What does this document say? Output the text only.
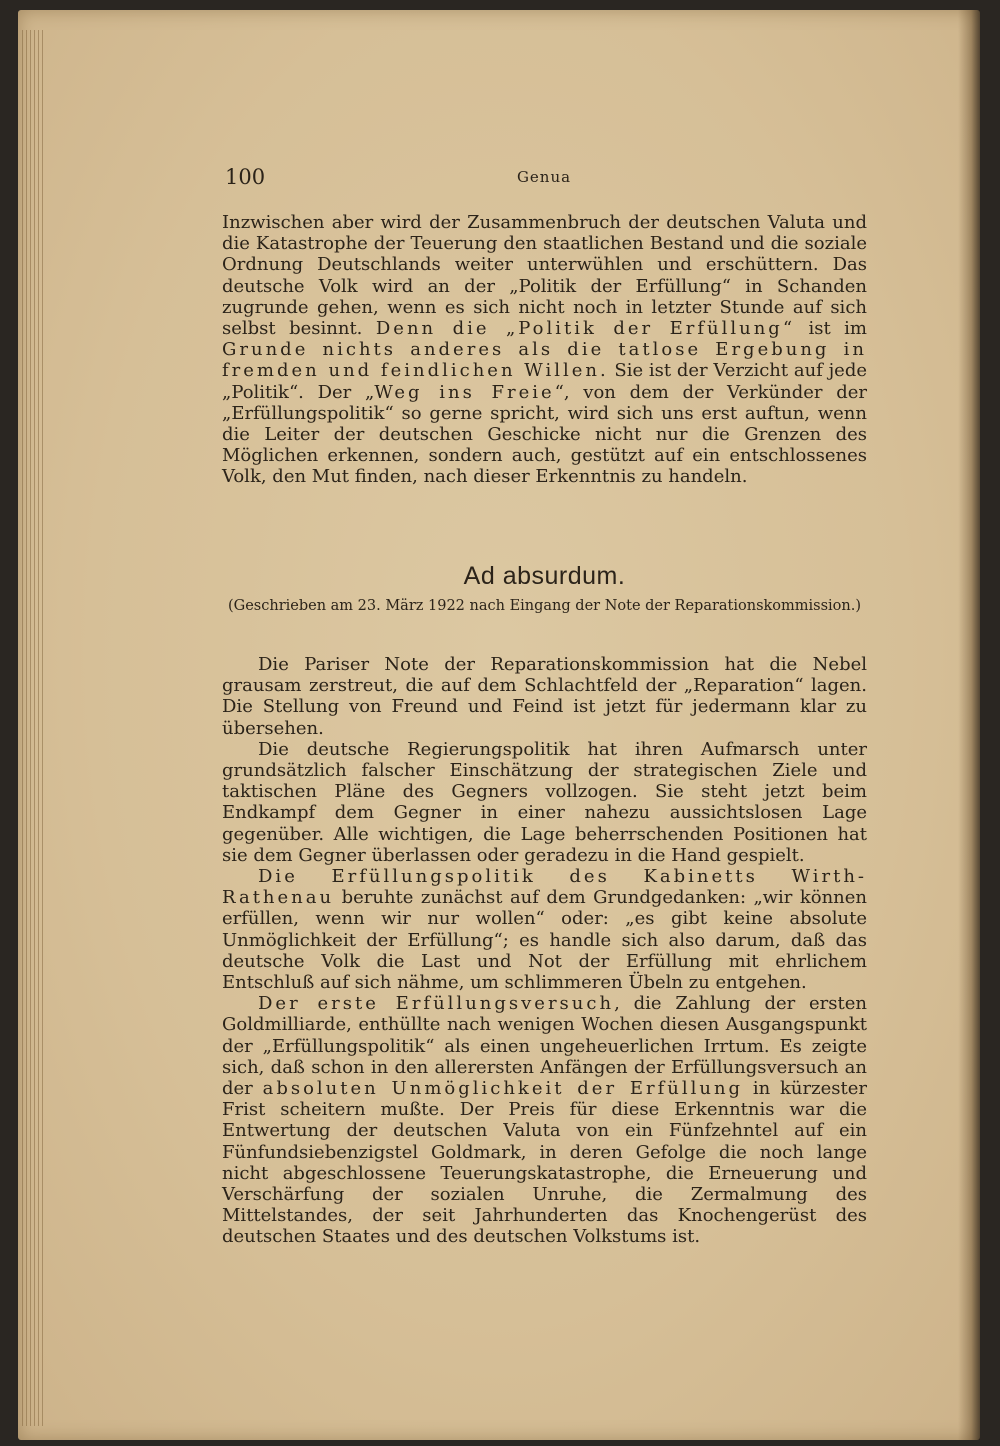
100	Genua

Inzwischen aber wird der Zusammenbruch der deutschen Valuta und die Katastrophe der Teuerung den staatlichen Bestand und die soziale Ordnung Deutschlands weiter unterwühlen und erschüttern. Das deutsche Volk wird an der „Politik der Erfüllung“ in Schanden zugrunde gehen, wenn es sich nicht noch in letzter Stunde auf sich selbst besinnt. Denn die „Politik der Erfüllung“ ist im Grunde nichts anderes als die tatlose Ergebung in fremden und feindlichen Willen. Sie ist der Verzicht auf jede „Politik“. Der „Weg ins Freie“, von dem der Verkünder der „Erfüllungspolitik“ so gerne spricht, wird sich uns erst auftun, wenn die Leiter der deutschen Geschicke nicht nur die Grenzen des Möglichen erkennen, sondern auch, gestützt auf ein entschlossenes Volk, den Mut finden, nach dieser Erkenntnis zu handeln.

Ad absurdum.
(Geschrieben am 23. März 1922 nach Eingang der Note der Reparationskommission.)

Die Pariser Note der Reparationskommission hat die Nebel grausam zerstreut, die auf dem Schlachtfeld der „Reparation“ lagen. Die Stellung von Freund und Feind ist jetzt für jedermann klar zu übersehen.

Die deutsche Regierungspolitik hat ihren Aufmarsch unter grundsätzlich falscher Einschätzung der strategischen Ziele und taktischen Pläne des Gegners vollzogen. Sie steht jetzt beim Endkampf dem Gegner in einer nahezu aussichtslosen Lage gegenüber. Alle wichtigen, die Lage beherrschenden Positionen hat sie dem Gegner überlassen oder geradezu in die Hand gespielt.

Die Erfüllungspolitik des Kabinetts Wirth-Rathenau beruhte zunächst auf dem Grundgedanken: „wir können erfüllen, wenn wir nur wollen“ oder: „es gibt keine absolute Unmöglichkeit der Erfüllung“; es handle sich also darum, daß das deutsche Volk die Last und Not der Erfüllung mit ehrlichem Entschluß auf sich nähme, um schlimmeren Übeln zu entgehen.

Der erste Erfüllungsversuch, die Zahlung der ersten Goldmilliarde, enthüllte nach wenigen Wochen diesen Ausgangspunkt der „Erfüllungspolitik“ als einen ungeheuerlichen Irrtum. Es zeigte sich, daß schon in den allerersten Anfängen der Erfüllungsversuch an der absoluten Unmöglichkeit der Erfüllung in kürzester Frist scheitern mußte. Der Preis für diese Erkenntnis war die Entwertung der deutschen Valuta von ein Fünfzehntel auf ein Fünfundsiebenzigstel Goldmark, in deren Gefolge die noch lange nicht abgeschlossene Teuerungskatastrophe, die Erneuerung und Verschärfung der sozialen Unruhe, die Zermalmung des Mittelstandes, der seit Jahrhunderten das Knochengerüst des deutschen Staates und des deutschen Volkstums ist.
